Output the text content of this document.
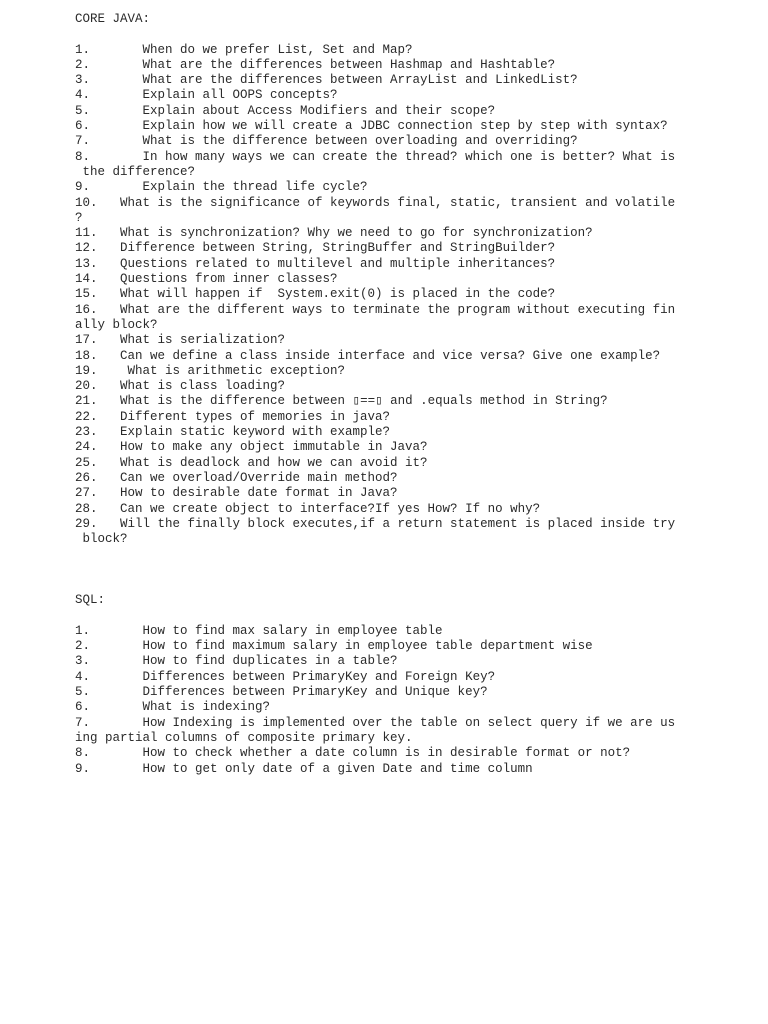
CORE JAVA:
1.       When do we prefer List, Set and Map?
2.       What are the differences between Hashmap and Hashtable?
3.       What are the differences between ArrayList and LinkedList?
4.       Explain all OOPS concepts?
5.       Explain about Access Modifiers and their scope?
6.       Explain how we will create a JDBC connection step by step with syntax?
7.       What is the difference between overloading and overriding?
8.       In how many ways we can create the thread? which one is better? What is
the difference?
9.       Explain the thread life cycle?
10.   What is the significance of keywords final, static, transient and volatile
?
11.   What is synchronization? Why we need to go for synchronization?
12.   Difference between String, StringBuffer and StringBuilder?
13.   Questions related to multilevel and multiple inheritances?
14.   Questions from inner classes?
15.   What will happen if  System.exit(0) is placed in the code?
16.   What are the different ways to terminate the program without executing fin
ally block?
17.   What is serialization?
18.   Can we define a class inside interface and vice versa? Give one example?
19.    What is arithmetic exception?
20.   What is class loading?
21.   What is the difference between ▯==▯ and .equals method in String?
22.   Different types of memories in java?
23.   Explain static keyword with example?
24.   How to make any object immutable in Java?
25.   What is deadlock and how we can avoid it?
26.   Can we overload/Override main method?
27.   How to desirable date format in Java?
28.   Can we create object to interface?If yes How? If no why?
29.   Will the finally block executes,if a return statement is placed inside try
block?
SQL:
1.       How to find max salary in employee table
2.       How to find maximum salary in employee table department wise
3.       How to find duplicates in a table?
4.       Differences between PrimaryKey and Foreign Key?
5.       Differences between PrimaryKey and Unique key?
6.       What is indexing?
7.       How Indexing is implemented over the table on select query if we are us
ing partial columns of composite primary key.
8.       How to check whether a date column is in desirable format or not?
9.       How to get only date of a given Date and time column
